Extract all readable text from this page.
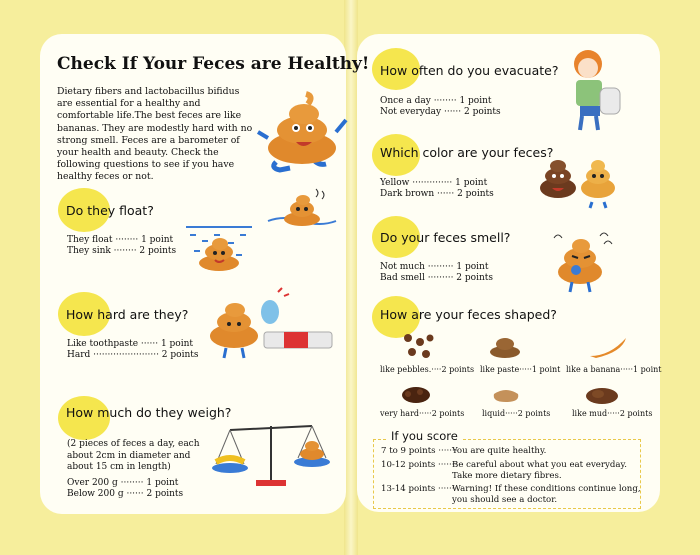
Check If Your Feces are Healthy!

Dietary fibers and lactobacillus bifidus are essential for a healthy and comfortable life.The best feces are like bananas. They are modestly hard with no strong smell. Feces are a barometer of your health and beauty. Check the following questions to see if you have healthy feces or not.

Do they float?
They float ········ 1 point
They sink ········ 2 points
How hard are they?
Like toothpaste ······ 1 point
Hard ······················· 2 points
How much do they weigh?
(2 pieces of feces a day, each about 2cm in diameter and about 15 cm in length)
Over 200 g ········ 1 point
Below 200 g ······ 2 points
How often do you evacuate?
Once a day ········ 1 point
Not everyday ······ 2 points
Which color are your feces?
Yellow ·············· 1 point
Dark brown ······ 2 points
Do your feces smell?
Not much ········· 1 point
Bad smell ········· 2 points
How are your feces shaped?
like pebbles.····2 points like paste·····1 point like a banana·····1 point
very hard·····2 points liquid·····2 points	like mud·····2 points
If you score
7 to 9 points ·······
You are quite healthy.
10-12 points ·······
Be careful about what you eat everyday.
Take more dietary fibres.
13-14 points ·······
Warning! If these conditions continue long,
you should see a doctor.
